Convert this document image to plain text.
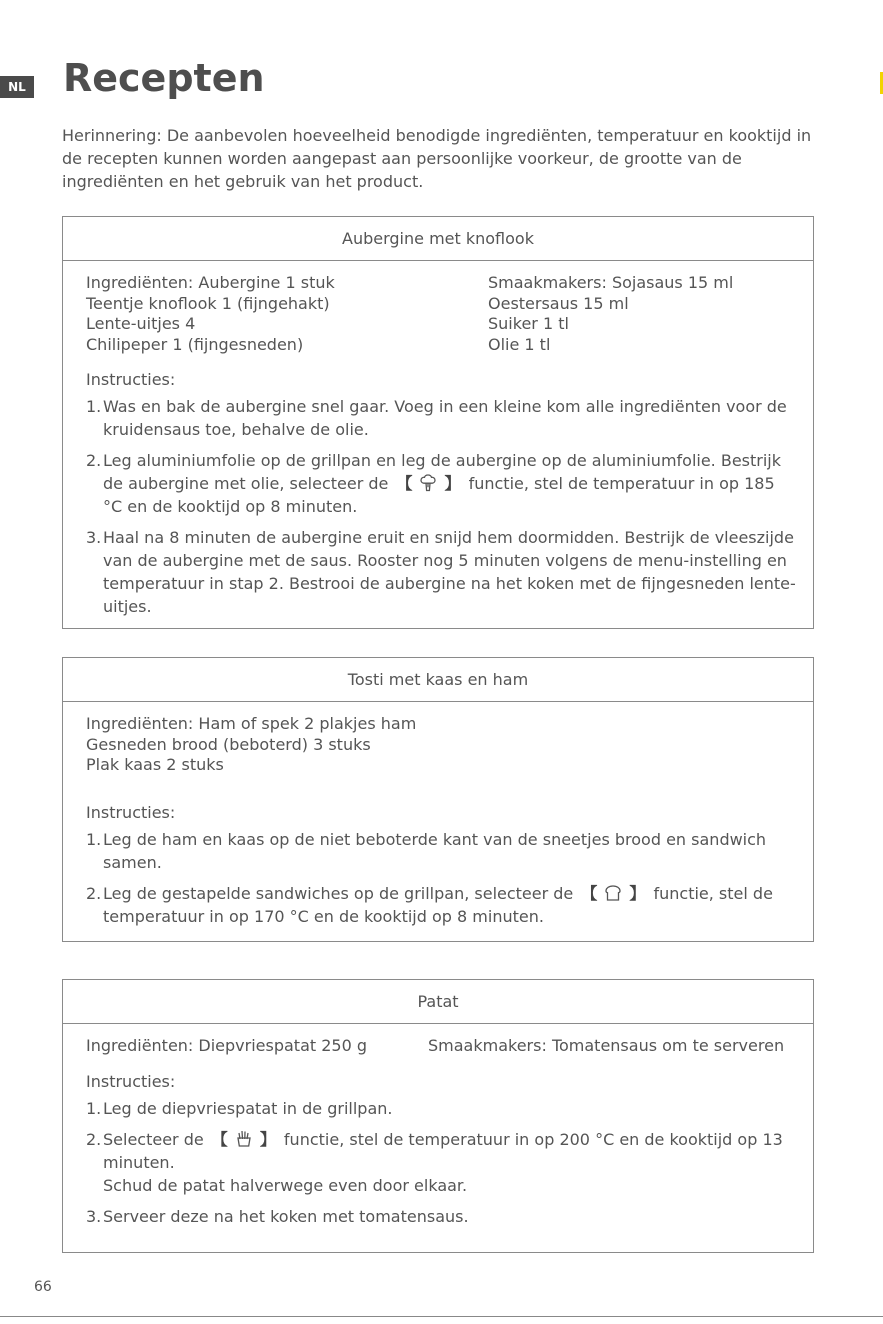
NL Recepten

Herinnering: De aanbevolen hoeveelheid benodigde ingrediënten, temperatuur en kooktijd in de recepten kunnen worden aangepast aan persoonlijke voorkeur, de grootte van de ingrediënten en het gebruik van het product.

Aubergine met knoflook
Ingrediënten: Aubergine 1 stuk
Teentje knoflook 1 (fijngehakt)
Lente-uitjes 4
Chilipeper 1 (fijngesneden)
Smaakmakers: Sojasaus 15 ml
Oestersaus 15 ml
Suiker 1 tl
Olie 1 tl
Instructies:
1. Was en bak de aubergine snel gaar. Voeg in een kleine kom alle ingrediënten voor de kruidensaus toe, behalve de olie.
2. Leg aluminiumfolie op de grillpan en leg de aubergine op de aluminiumfolie. Bestrijk de aubergine met olie, selecteer de 【 】 functie, stel de temperatuur in op 185 °C en de kooktijd op 8 minuten.
3. Haal na 8 minuten de aubergine eruit en snijd hem doormidden. Bestrijk de vleeszijde van de aubergine met de saus. Rooster nog 5 minuten volgens de menu-instelling en temperatuur in stap 2. Bestrooi de aubergine na het koken met de fijngesneden lente-uitjes.
Tosti met kaas en ham
Ingrediënten: Ham of spek 2 plakjes ham
Gesneden brood (beboterd) 3 stuks
Plak kaas 2 stuks
Instructies:
1. Leg de ham en kaas op de niet beboterde kant van de sneetjes brood en sandwich samen.
2. Leg de gestapelde sandwiches op de grillpan, selecteer de 【 】 functie, stel de temperatuur in op 170 °C en de kooktijd op 8 minuten.
Patat
Ingrediënten: Diepvriespatat 250 g	Smaakmakers: Tomatensaus om te serveren
Instructies:
1. Leg de diepvriespatat in de grillpan.
2. Selecteer de 【 】 functie, stel de temperatuur in op 200 °C en de kooktijd op 13 minuten.
Schud de patat halverwege even door elkaar.
3. Serveer deze na het koken met tomatensaus.
66
